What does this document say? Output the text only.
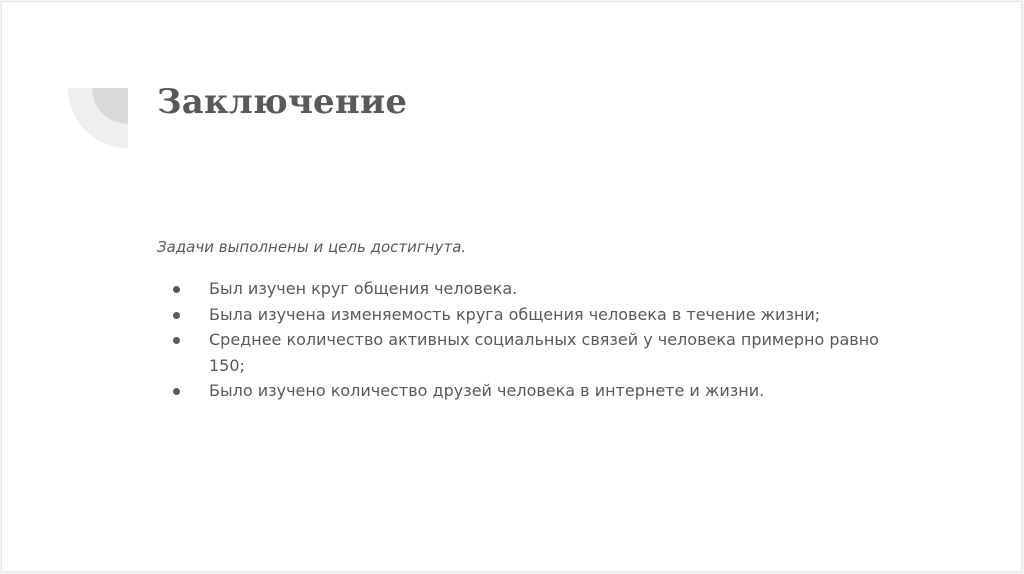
Заключение

Задачи выполнены и цель достигнута.

Был изучен круг общения человека.
Была изучена изменяемость круга общения человека в течение жизни;
Среднее количество активных социальных связей у человека примерно равно 150;
Было изучено количество друзей человека в интернете и жизни.
